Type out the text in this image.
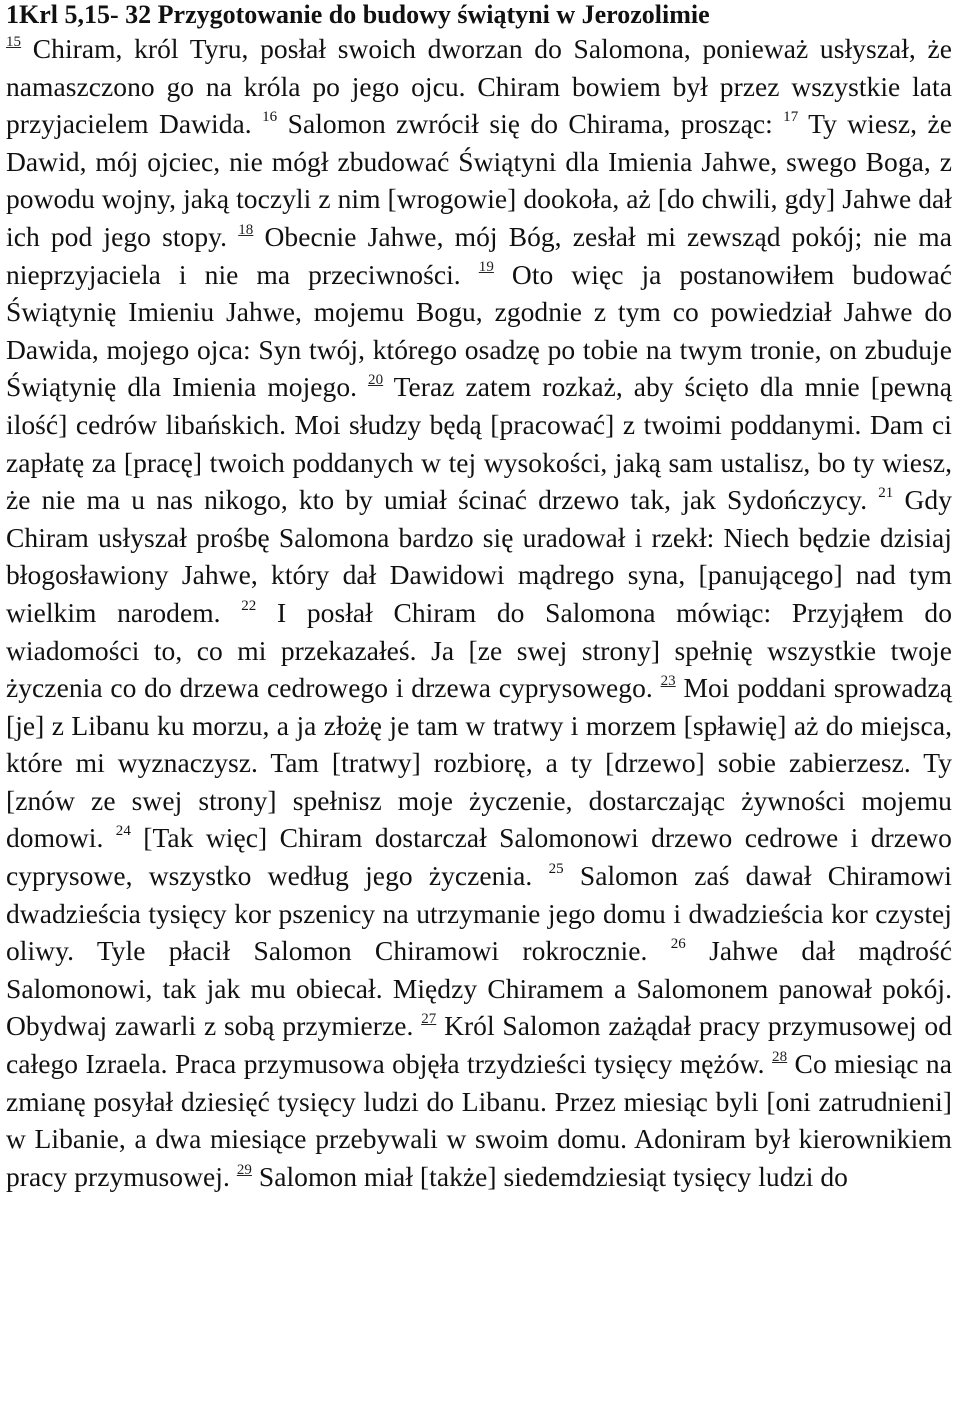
1Krl 5,15- 32 Przygotowanie do budowy świątyni w Jerozolimie

$^{15}$ Chiram, król Tyru, posłał swoich dworzan do Salomona, ponieważ usłyszał, że namaszczono go na króla po jego ojcu. Chiram bowiem był przez wszystkie lata przyjacielem Dawida. $^{16}$ Salomon zwrócił się do Chirama, prosząc: $^{17}$ Ty wiesz, że Dawid, mój ojciec, nie mógł zbudować Świątyni dla Imienia Jahwe, swego Boga, z powodu wojny, jaką toczyli z nim [wrogowie] dookoła, aż [do chwili, gdy] Jahwe dał ich pod jego stopy. $^{18}$ Obecnie Jahwe, mój Bóg, zesłał mi zewsząd pokój; nie ma nieprzyjaciela i nie ma przeciwności. $^{19}$ Oto więc ja postanowiłem budować Świątynię Imieniu Jahwe, mojemu Bogu, zgodnie z tym co powiedział Jahwe do Dawida, mojego ojca: Syn twój, którego osadzę po tobie na twym tronie, on zbuduje Świątynię dla Imienia mojego. $^{20}$ Teraz zatem rozkaż, aby ścięto dla mnie [pewną ilość] cedrów libańskich. Moi słudzy będą [pracować] z twoimi poddanymi. Dam ci zapłatę za [pracę] twoich poddanych w tej wysokości, jaką sam ustalisz, bo ty wiesz, że nie ma u nas nikogo, kto by umiał ścinać drzewo tak, jak Sydończycy. $^{21}$ Gdy Chiram usłyszał prośbę Salomona bardzo się uradował i rzekł: Niech będzie dzisiaj błogosławiony Jahwe, który dał Dawidowi mądrego syna, [panującego] nad tym wielkim narodem. $^{22}$ I posłał Chiram do Salomona mówiąc: Przyjąłem do wiadomości to, co mi przekazałeś. Ja [ze swej strony] spełnię wszystkie twoje życzenia co do drzewa cedrowego i drzewa cyprysowego. $^{23}$ Moi poddani sprowadzą [je] z Libanu ku morzu, a ja złożę je tam w tratwy i morzem [spławię] aż do miejsca, które mi wyznaczysz. Tam [tratwy] rozbiorę, a ty [drzewo] sobie zabierzesz. Ty [znów ze swej strony] spełnisz moje życzenie, dostarczając żywności mojemu domowi. $^{24}$ [Tak więc] Chiram dostarczał Salomonowi drzewo cedrowe i drzewo cyprysowe, wszystko według jego życzenia. $^{25}$ Salomon zaś dawał Chiramowi dwadzieścia tysięcy kor pszenicy na utrzymanie jego domu i dwadzieścia kor czystej oliwy. Tyle płacił Salomon Chiramowi rokrocznie. $^{26}$ Jahwe dał mądrość Salomonowi, tak jak mu obiecał. Między Chiramem a Salomonem panował pokój. Obydwaj zawarli z sobą przymierze. $^{27}$ Król Salomon zażądał pracy przymusowej od całego Izraela. Praca przymusowa objęła trzydzieści tysięcy mężów. $^{28}$ Co miesiąc na zmianę posyłał dziesięć tysięcy ludzi do Libanu. Przez miesiąc byli [oni zatrudnieni] w Libanie, a dwa miesiące przebywali w swoim domu. Adoniram był kierownikiem pracy przymusowej. $^{29}$ Salomon miał [także] siedemdziesiąt tysięcy ludzi do
